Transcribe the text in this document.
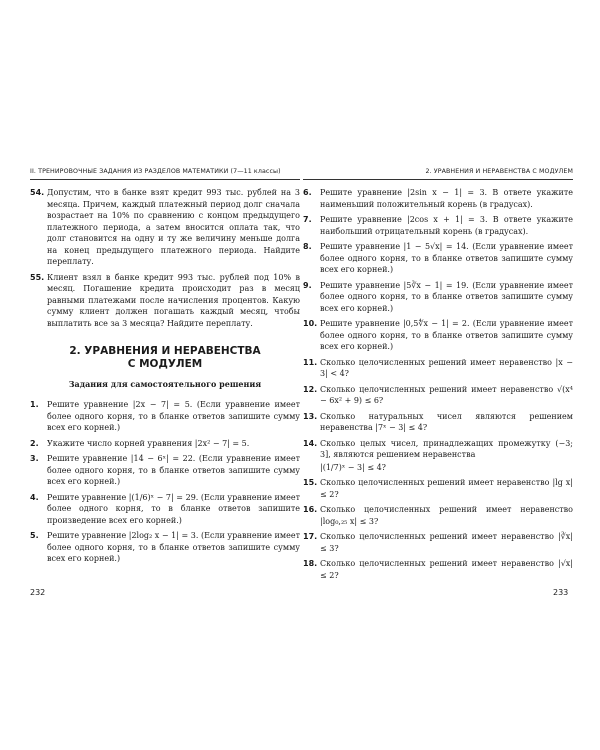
II. ТРЕНИРОВОЧНЫЕ ЗАДАНИЯ ИЗ РАЗДЕЛОВ МАТЕМАТИКИ (7—11 классы)
54. Допустим, что в банке взят кредит 993 тыс. рублей на 3 месяца. Причем, каждый платежный период долг сначала возрастает на 10% по сравнению с концом предыдущего платежного периода, а затем вносится оплата так, что долг становится на одну и ту же величину меньше долга на конец предыдущего платежного периода. Найдите переплату.
55. Клиент взял в банке кредит 993 тыс. рублей под 10% в месяц. Погашение кредита происходит раз в месяц равными платежами после начисления процентов. Какую сумму клиент должен погашать каждый месяц, чтобы выплатить все за 3 месяца? Найдите переплату.
2. УРАВНЕНИЯ И НЕРАВЕНСТВА
С МОДУЛЕМ
Задания для самостоятельного решения
1.	Решите уравнение |2x − 7| = 5. (Если уравнение имеет более одного корня, то в бланке ответов запишите сумму всех его корней.)
2.	Укажите число корней уравнения |2x² − 7| = 5.
3.	Решите уравнение |14 − 6ˣ| = 22. (Если уравнение имеет более одного корня, то в бланке ответов запишите сумму всех его корней.)
4.	Решите уравнение |(1/6)ˣ − 7| = 29. (Если уравнение имеет более одного корня, то в бланке ответов запишите произведение всех его корней.)
5.	Решите уравнение |2log₂ x − 1| = 3. (Если уравнение имеет более одного корня, то в бланке ответов запишите сумму всех его корней.)
232
2. УРАВНЕНИЯ И НЕРАВЕНСТВА С МОДУЛЕМ
6.	Решите уравнение |2sin x − 1| = 3. В ответе укажите наименьший положительный корень (в градусах).
7.	Решите уравнение |2cos x + 1| = 3. В ответе укажите наибольший отрицательный корень (в градусах).
8.	Решите уравнение |1 − 5√x| = 14. (Если уравнение имеет более одного корня, то в бланке ответов запишите сумму всех его корней.)
9.	Решите уравнение |5∛x − 1| = 19. (Если уравнение имеет более одного корня, то в бланке ответов запишите сумму всех его корней.)
10. Решите уравнение |0,5∜x − 1| = 2. (Если уравнение имеет более одного корня, то в бланке ответов запишите сумму всех его корней.)
11. Сколько целочисленных решений имеет неравенство |x − 3| < 4?
12. Сколько целочисленных решений имеет неравенство √(x⁴ − 6x² + 9) ≤ 6?
13. Сколько натуральных чисел являются решением неравенства |7ˣ − 3| ≤ 4?
14. Сколько целых чисел, принадлежащих промежутку (−3; 3], являются решением неравенства
|(1/7)ˣ − 3| ≤ 4?
15. Сколько целочисленных решений имеет неравенство |lg x| ≤ 2?
16. Сколько целочисленных решений имеет неравенство |log₀,₂₅ x| ≤ 3?
17. Сколько целочисленных решений имеет неравенство |∛x| ≤ 3?
18. Сколько целочисленных решений имеет неравенство |√x| ≤ 2?
233
